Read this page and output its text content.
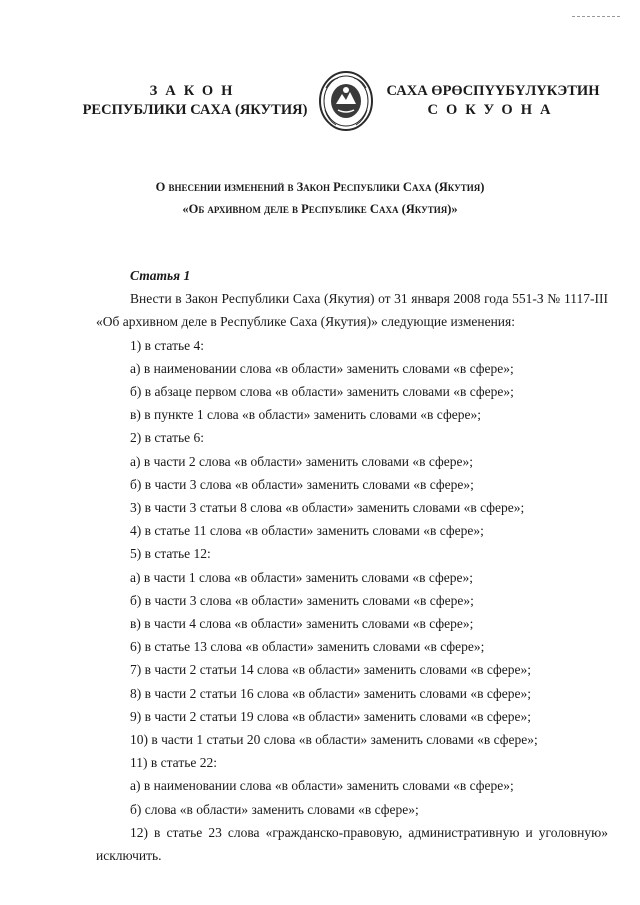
ЗАКОН
РЕСПУБЛИКИ САХА (ЯКУТИЯ)
САХА ӨРӨСПҮҮБҮЛҮКЭТИН
СОКУОНА
О внесении изменений в Закон Республики Саха (Якутия)
«Об архивном деле в Республике Саха (Якутия)»
Статья 1
Внести в Закон Республики Саха (Якутия) от 31 января 2008 года 551-З № 1117-III
«Об архивном деле в Республике Саха (Якутия)» следующие изменения:
1) в статье 4:
а) в наименовании слова «в области» заменить словами «в сфере»;
б) в абзаце первом слова «в области» заменить словами «в сфере»;
в) в пункте 1 слова «в области» заменить словами «в сфере»;
2) в статье 6:
а) в части 2 слова «в области» заменить словами «в сфере»;
б) в части 3 слова «в области» заменить словами «в сфере»;
3) в части 3 статьи 8 слова «в области» заменить словами «в сфере»;
4) в статье 11 слова «в области» заменить словами «в сфере»;
5) в статье 12:
а) в части 1 слова «в области» заменить словами «в сфере»;
б) в части 3 слова «в области» заменить словами «в сфере»;
в) в части 4 слова «в области» заменить словами «в сфере»;
6) в статье 13 слова «в области» заменить словами «в сфере»;
7) в части 2 статьи 14 слова «в области» заменить словами «в сфере»;
8) в части 2 статьи 16 слова «в области» заменить словами «в сфере»;
9) в части 2 статьи 19 слова «в области» заменить словами «в сфере»;
10) в части 1 статьи 20 слова «в области» заменить словами «в сфере»;
11) в статье 22:
а) в наименовании слова «в области» заменить словами «в сфере»;
б) слова «в области» заменить словами «в сфере»;
12) в статье 23 слова «гражданско-правовую, административную и уголовную»
исключить.
